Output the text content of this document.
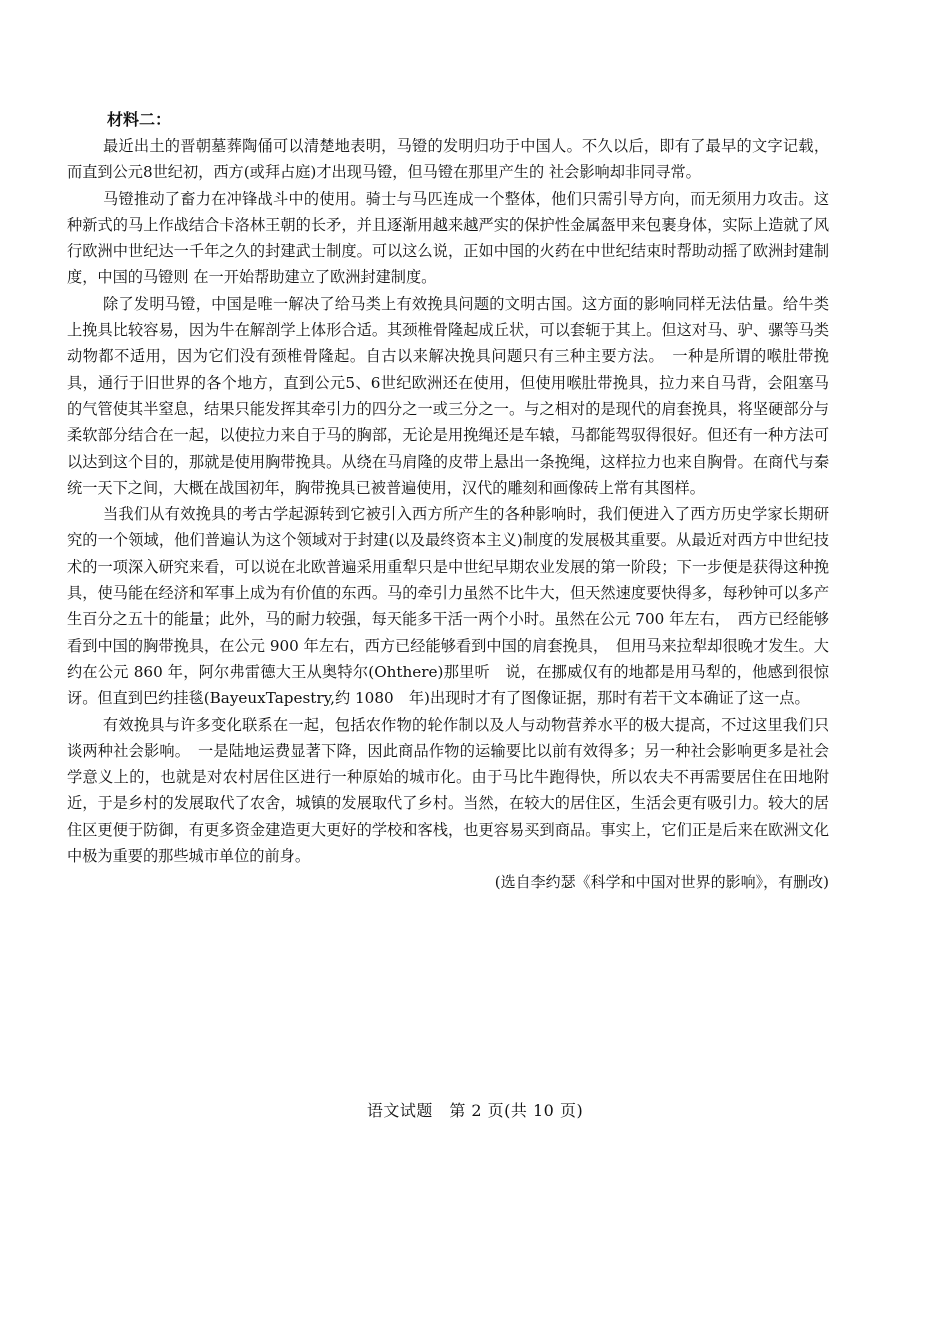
材料二：

最近出土的晋朝墓葬陶俑可以清楚地表明，马镫的发明归功于中国人。不久以后，即有了最早的文字记载，而直到公元8世纪初，西方(或拜占庭)才出现马镫，但马镫在那里产生的 社会影响却非同寻常。

马镫推动了畜力在冲锋战斗中的使用。骑士与马匹连成一个整体，他们只需引导方向，而无须用力攻击。这种新式的马上作战结合卡洛林王朝的长矛，并且逐渐用越来越严实的保护性金属盔甲来包裹身体，实际上造就了风行欧洲中世纪达一千年之久的封建武士制度。可以这么说，正如中国的火药在中世纪结束时帮助动摇了欧洲封建制度，中国的马镫则 在一开始帮助建立了欧洲封建制度。

除了发明马镫，中国是唯一解决了给马类上有效挽具问题的文明古国。这方面的影响同样无法估量。给牛类上挽具比较容易，因为牛在解剖学上体形合适。其颈椎骨隆起成丘状，可以套轭于其上。但这对马、驴、骡等马类动物都不适用，因为它们没有颈椎骨隆起。自古以来解决挽具问题只有三种主要方法。　一种是所谓的喉肚带挽具，通行于旧世界的各个地方，直到公元5、6世纪欧洲还在使用，但使用喉肚带挽具，拉力来自马背，会阻塞马的气管使其半窒息，结果只能发挥其牵引力的四分之一或三分之一。与之相对的是现代的肩套挽具，将坚硬部分与柔软部分结合在一起，以使拉力来自于马的胸部，无论是用挽绳还是车辕，马都能驾驭得很好。但还有一种方法可以达到这个目的，那就是使用胸带挽具。从绕在马肩隆的皮带上悬出一条挽绳，这样拉力也来自胸骨。在商代与秦统一天下之间，大概在战国初年，胸带挽具已被普遍使用，汉代的雕刻和画像砖上常有其图样。

当我们从有效挽具的考古学起源转到它被引入西方所产生的各种影响时，我们便进入了西方历史学家长期研究的一个领域，他们普遍认为这个领域对于封建(以及最终资本主义)制度的发展极其重要。从最近对西方中世纪技术的一项深入研究来看，可以说在北欧普遍采用重犁只是中世纪早期农业发展的第一阶段；下一步便是获得这种挽具，使马能在经济和军事上成为有价值的东西。马的牵引力虽然不比牛大，但天然速度要快得多，每秒钟可以多产生百分之五十的能量；此外，马的耐力较强，每天能多干活一两个小时。虽然在公元 700 年左右，　西方已经能够看到中国的胸带挽具，在公元 900 年左右，西方已经能够看到中国的肩套挽具，　但用马来拉犁却很晚才发生。大约在公元 860 年，阿尔弗雷德大王从奥特尔(Ohthere)那里听　说，在挪威仅有的地都是用马犁的，他感到很惊讶。但直到巴约挂毯(BayeuxTapestry,约 1080　年)出现时才有了图像证据，那时有若干文本确证了这一点。

有效挽具与许多变化联系在一起，包括农作物的轮作制以及人与动物营养水平的极大提高，不过这里我们只谈两种社会影响。　一是陆地运费显著下降，因此商品作物的运输要比以前有效得多；另一种社会影响更多是社会学意义上的，也就是对农村居住区进行一种原始的城市化。由于马比牛跑得快，所以农夫不再需要居住在田地附近，于是乡村的发展取代了农舍，城镇的发展取代了乡村。当然，在较大的居住区，生活会更有吸引力。较大的居住区更便于防御，有更多资金建造更大更好的学校和客栈，也更容易买到商品。事实上，它们正是后来在欧洲文化中极为重要的那些城市单位的前身。

(选自李约瑟《科学和中国对世界的影响》，有删改)

语文试题　第 2 页(共 10 页)
